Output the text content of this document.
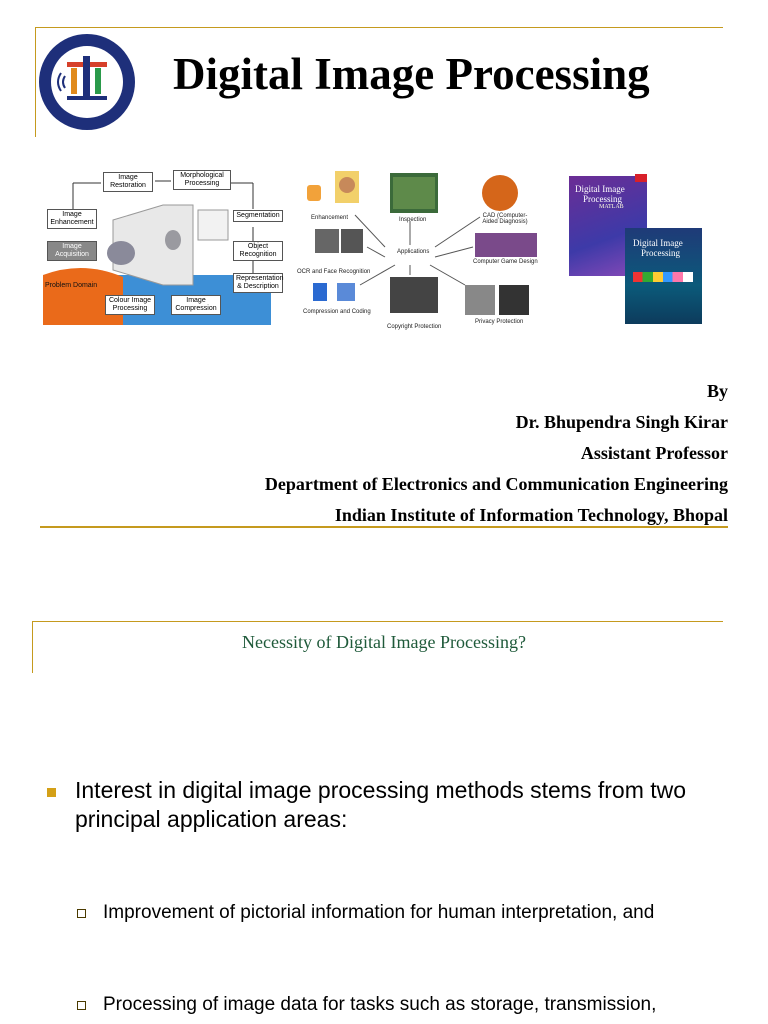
Digital Image Processing
Image Restoration
Morphological Processing
Image Enhancement
Image Acquisition
Segmentation
Object Recognition
Representation & Description
Problem Domain
Colour Image Processing
Image Compression
Enhancement	Inspection
CAD (Computer-Aided Diagnosis)
OCR and Face Recognition
Applications
Computer Game Design
Compression and Coding
Copyright Protection
Privacy Protection
Digital Image
Processing
MATLAB
Digital Image
Processing
By
Dr. Bhupendra Singh Kirar
Assistant Professor
Department of Electronics and Communication Engineering
Indian Institute of Information Technology, Bhopal
Necessity of Digital Image Processing?
Interest in digital image processing methods stems from two principal application areas:
Improvement of pictorial information for human interpretation, and
Processing of image data for tasks such as storage, transmission,
